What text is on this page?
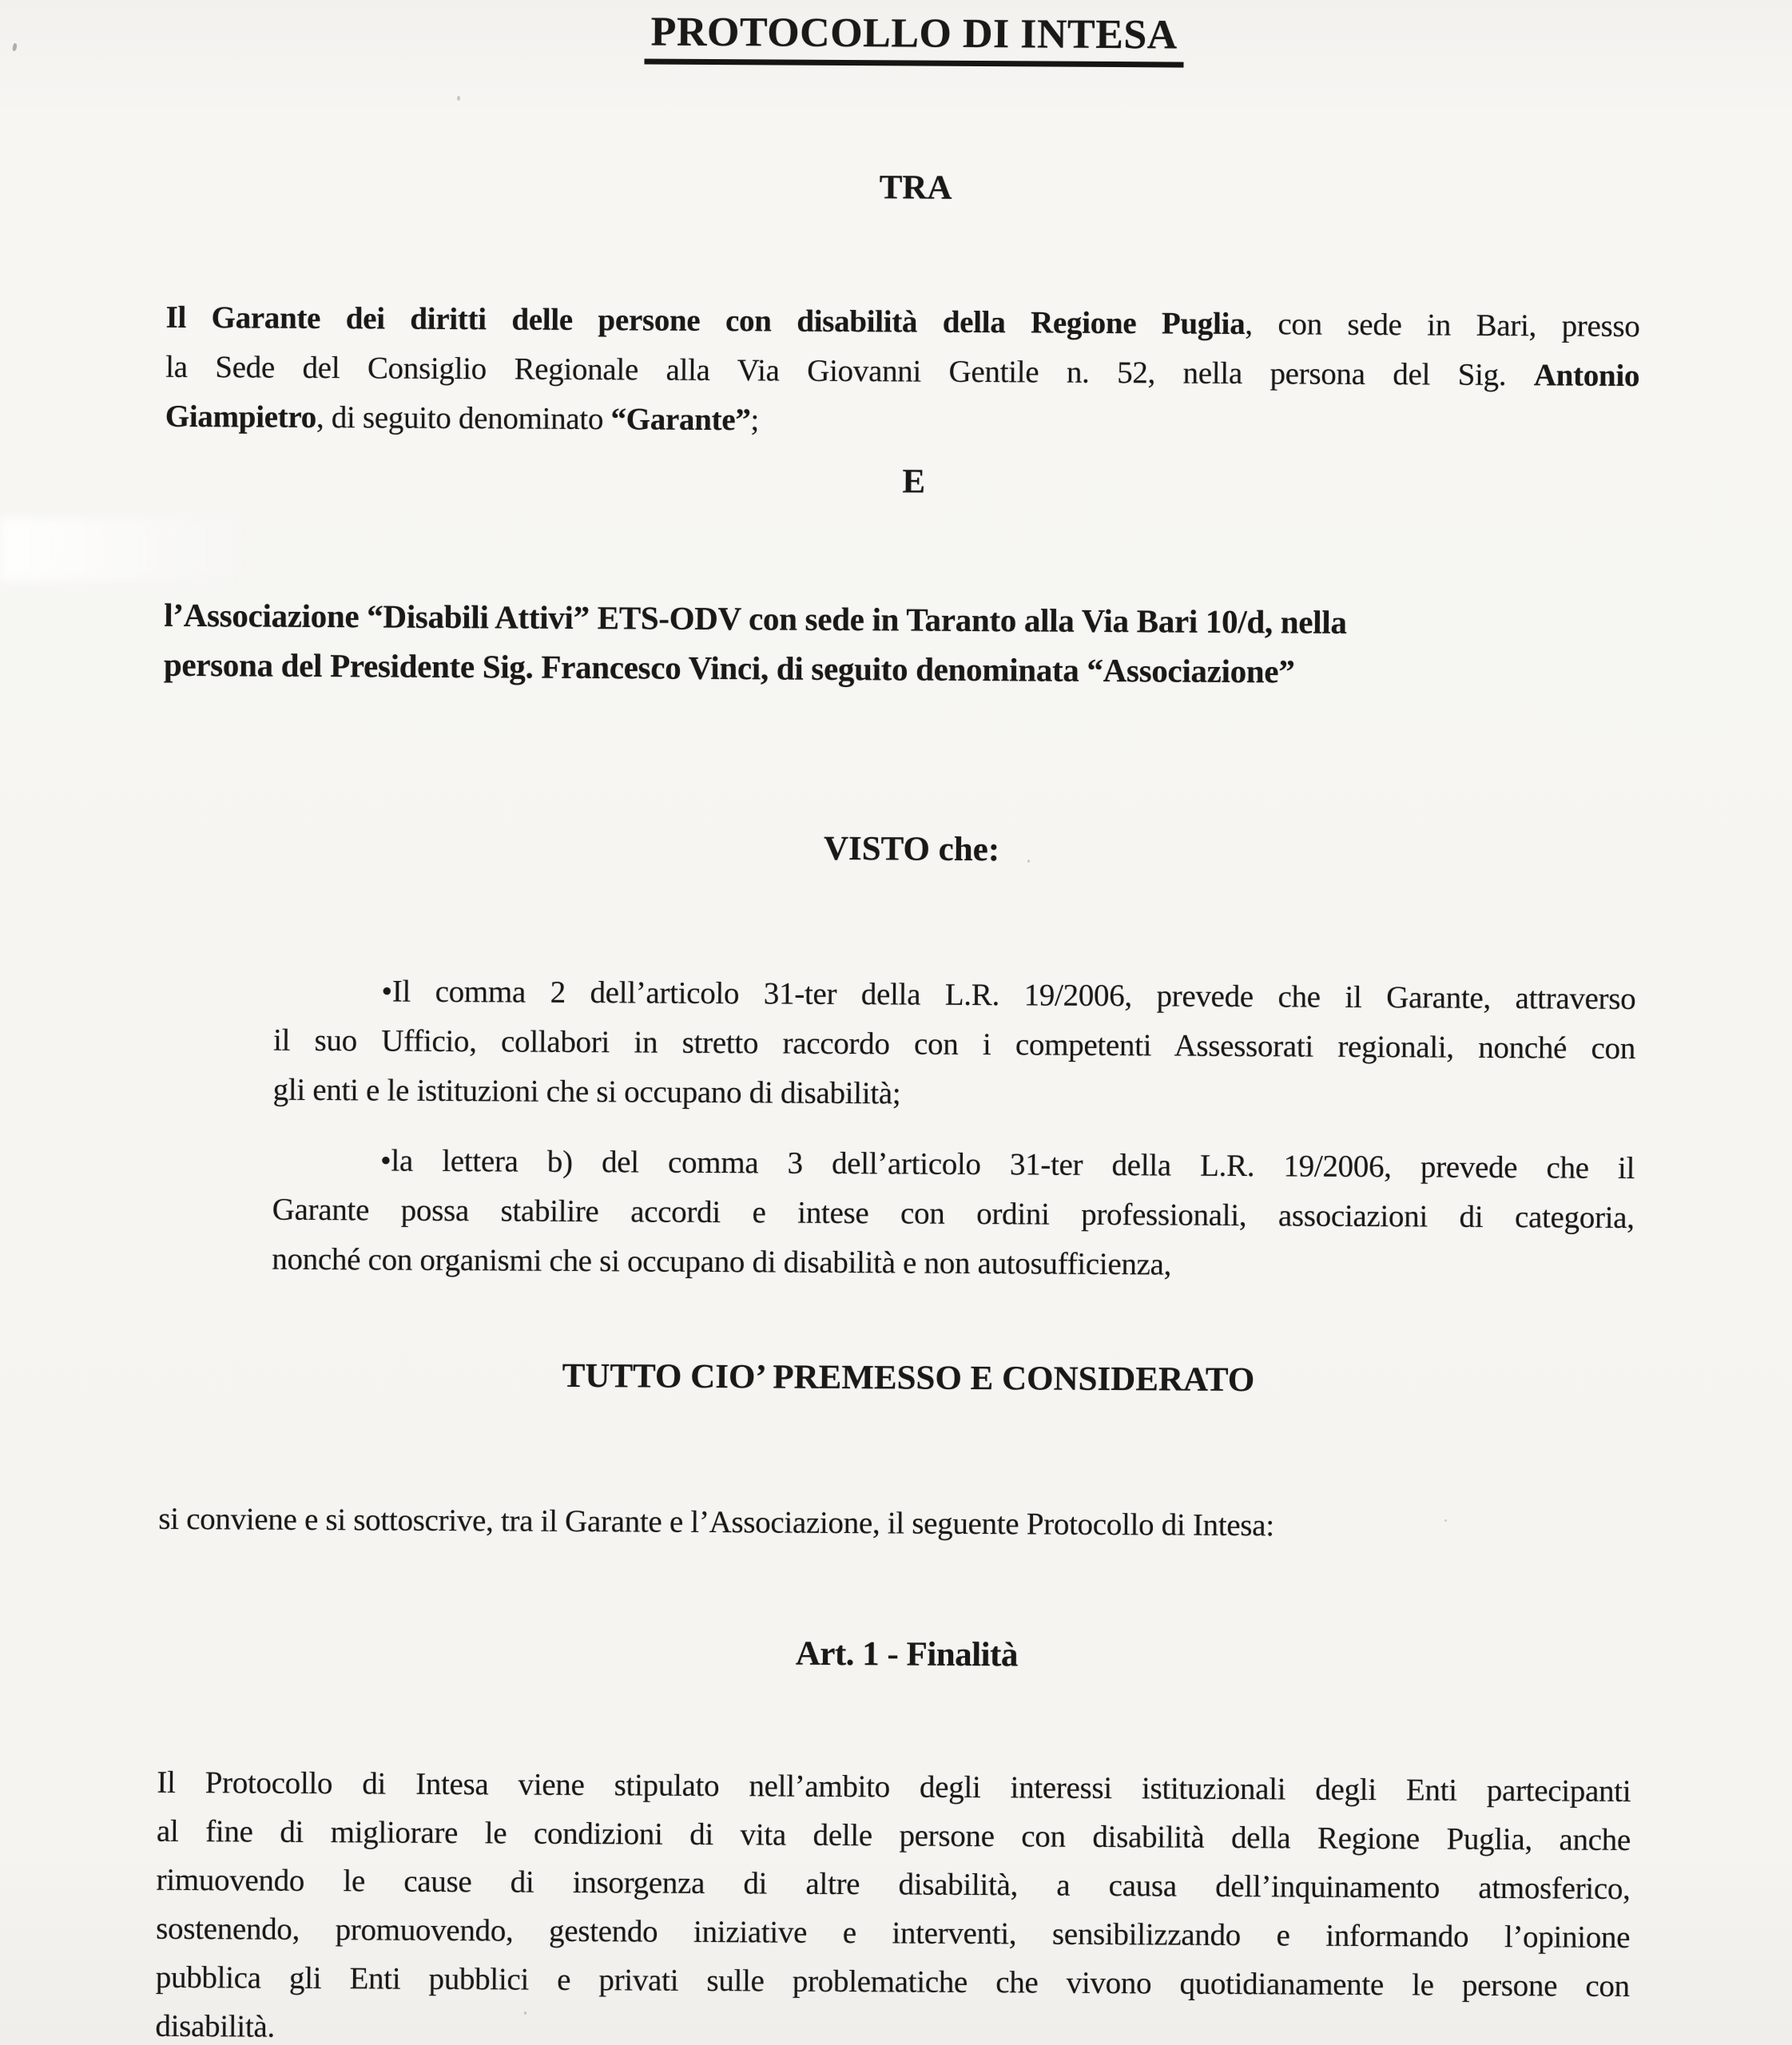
PROTOCOLLO DI INTESA
TRA
Il Garante dei diritti delle persone con disabilità della Regione Puglia, con sede in Bari, presso
la Sede del Consiglio Regionale alla Via Giovanni Gentile n. 52, nella persona del Sig. Antonio
Giampietro, di seguito denominato “Garante”;
E
l’Associazione “Disabili Attivi” ETS-ODV con sede in Taranto alla Via Bari 10/d, nella
persona del Presidente Sig. Francesco Vinci, di seguito denominata “Associazione”
VISTO che:
•Il comma 2 dell’articolo 31-ter della L.R. 19/2006, prevede che il Garante, attraverso
il suo Ufficio, collabori in stretto raccordo con i competenti Assessorati regionali, nonché con
gli enti e le istituzioni che si occupano di disabilità;
•la lettera b) del comma 3 dell’articolo 31-ter della L.R. 19/2006, prevede che il
Garante possa stabilire accordi e intese con ordini professionali, associazioni di categoria,
nonché con organismi che si occupano di disabilità e non autosufficienza,
TUTTO CIO’ PREMESSO E CONSIDERATO
si conviene e si sottoscrive, tra il Garante e l’Associazione, il seguente Protocollo di Intesa:
Art. 1 - Finalità
Il Protocollo di Intesa viene stipulato nell’ambito degli interessi istituzionali degli Enti partecipanti
al fine di migliorare le condizioni di vita delle persone con disabilità della Regione Puglia, anche
rimuovendo le cause di insorgenza di altre disabilità, a causa dell’inquinamento atmosferico,
sostenendo, promuovendo, gestendo iniziative e interventi, sensibilizzando e informando l’opinione
pubblica gli Enti pubblici e privati sulle problematiche che vivono quotidianamente le persone con
disabilità.
